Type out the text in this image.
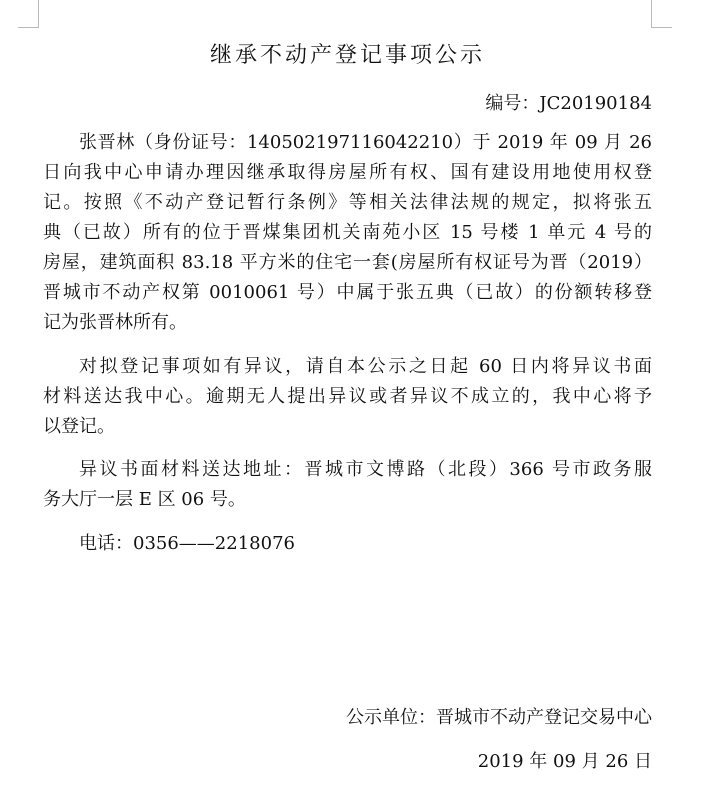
继承不动产登记事项公示
编号：JC20190184

张晋林（身份证号：140502197116042210）于 2019 年 09 月 26
日向我中心申请办理因继承取得房屋所有权、国有建设用地使用权登
记。按照《不动产登记暂行条例》等相关法律法规的规定，拟将张五
典（已故）所有的位于晋煤集团机关南苑小区 15 号楼 1 单元 4 号的
房屋，建筑面积 83.18 平方米的住宅一套(房屋所有权证号为晋（2019）
晋城市不动产权第 0010061 号）中属于张五典（已故）的份额转移登
记为张晋林所有。

对拟登记事项如有异议，请自本公示之日起 60 日内将异议书面
材料送达我中心。逾期无人提出异议或者异议不成立的，我中心将予
以登记。

异议书面材料送达地址：晋城市文博路（北段）366 号市政务服
务大厅一层 E 区 06 号。

电话：0356——2218076

公示单位：晋城市不动产登记交易中心
2019 年 09 月 26 日
